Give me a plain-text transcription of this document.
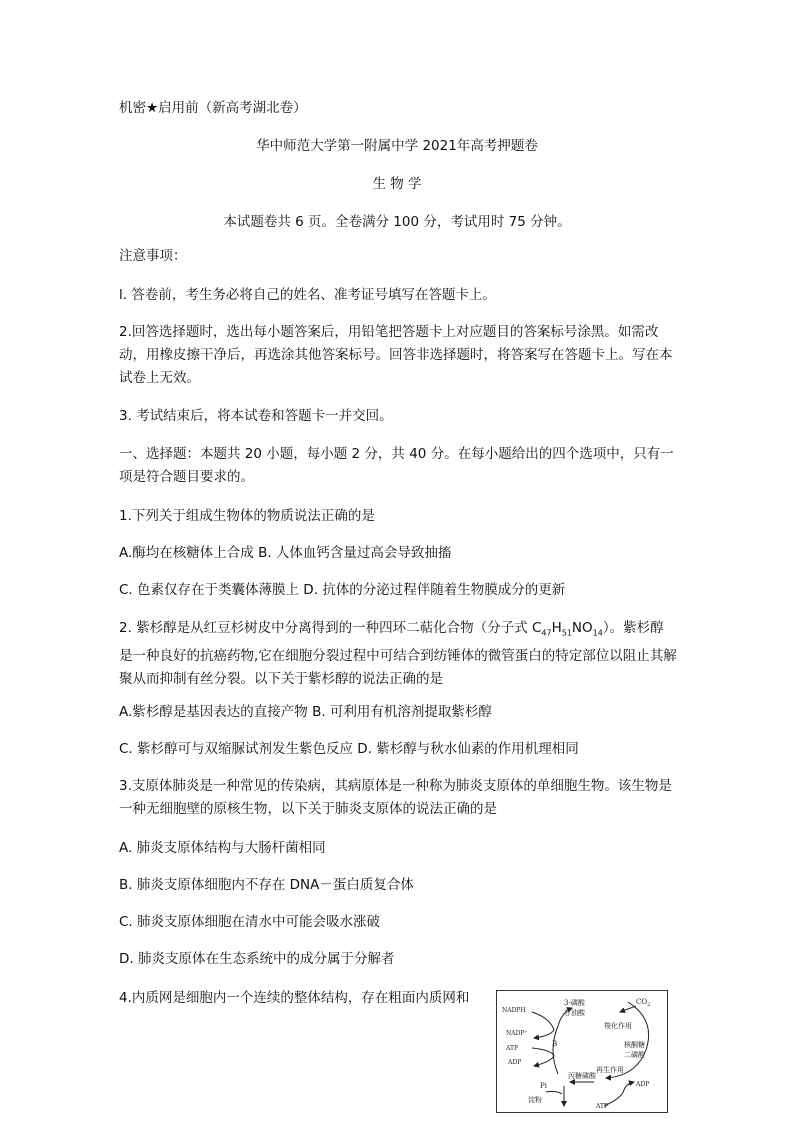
机密★启用前（新高考湖北卷）

华中师范大学第一附属中学 2021年高考押题卷

生 物 学

本试题卷共 6 页。全卷满分 100 分，考试用时 75 分钟。

注意事项：

l. 答卷前，考生务必将自己的姓名、准考证号填写在答题卡上。

2.回答选择题时，选出每小题答案后，用铅笔把答题卡上对应题目的答案标号涂黑。如需改动，用橡皮擦干净后，再选涂其他答案标号。回答非选择题时，将答案写在答题卡上。写在本试卷上无效。

3. 考试结束后，将本试卷和答题卡一并交回。

一、选择题：本题共 20 小题，每小题 2 分，共 40 分。在每小题给出的四个选项中，只有一项是符合题目要求的。

1.下列关于组成生物体的物质说法正确的是

A.酶均在核糖体上合成 B. 人体血钙含量过高会导致抽搐

C. 色素仅存在于类囊体薄膜上 D. 抗体的分泌过程伴随着生物膜成分的更新

2. 紫杉醇是从红豆杉树皮中分离得到的一种四环二萜化合物（分子式 $C_{47}H_{51}NO_{14}$）。紫杉醇是一种良好的抗癌药物,它在细胞分裂过程中可结合到纺锤体的微管蛋白的特定部位以阻止其解聚从而抑制有丝分裂。以下关于紫杉醇的说法正确的是

A.紫杉醇是基因表达的直接产物 B. 可利用有机溶剂提取紫杉醇

C. 紫杉醇可与双缩脲试剂发生紫色反应 D. 紫杉醇与秋水仙素的作用机理相同

3.支原体肺炎是一种常见的传染病，其病原体是一种称为肺炎支原体的单细胞生物。该生物是一种无细胞壁的原核生物，以下关于肺炎支原体的说法正确的是

A. 肺炎支原体结构与大肠杆菌相同

B. 肺炎支原体细胞内不存在 DNA－蛋白质复合体

C. 肺炎支原体细胞在清水中可能会吸水涨破

D. 肺炎支原体在生态系统中的成分属于分解者

4.内质网是细胞内一个连续的整体结构，存在粗面内质网和	3-磷酸
甘油酸
$CO_2$
羧化作用
NADPH
NADP⁺
ATP
ADP
B	核酮糖
二磷酸
再生作用
丙糖磷酸
ADP
ATP
Pi
淀粉
